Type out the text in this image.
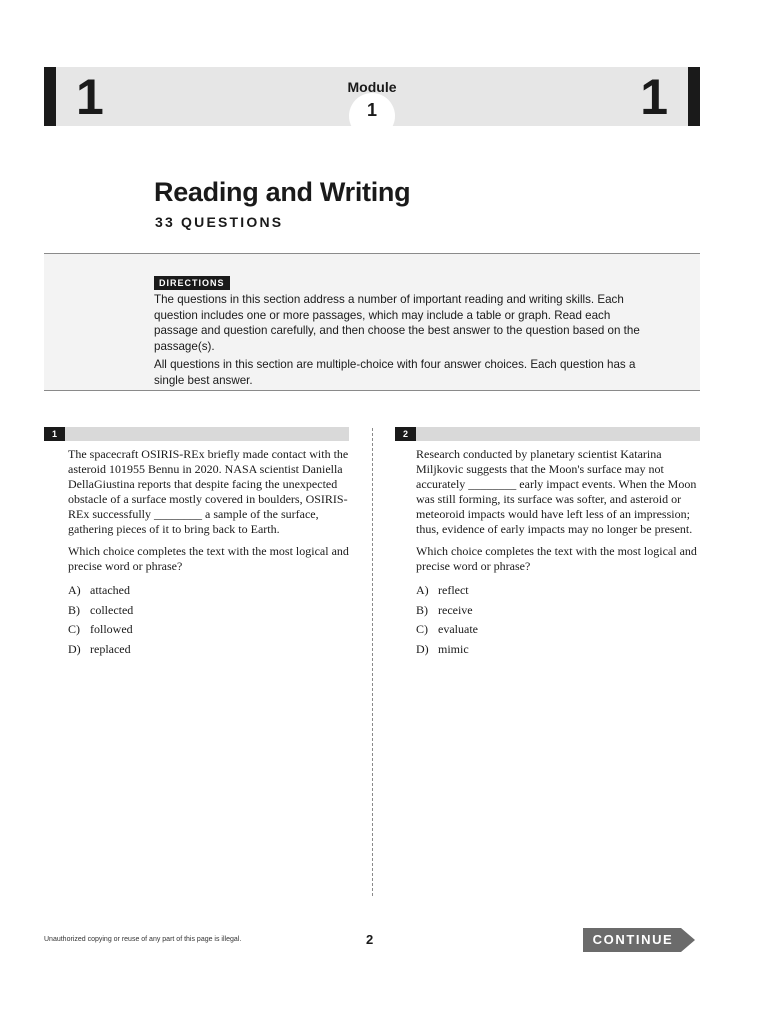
1	Module
1	1
Reading and Writing
33 QUESTIONS
DIRECTIONS

The questions in this section address a number of important reading and writing skills. Each question includes one or more passages, which may include a table or graph. Read each passage and question carefully, and then choose the best answer to the question based on the passage(s).

All questions in this section are multiple-choice with four answer choices. Each question has a single best answer.

1

The spacecraft OSIRIS-REx briefly made contact with the asteroid 101955 Bennu in 2020. NASA scientist Daniella DellaGiustina reports that despite facing the unexpected obstacle of a surface mostly covered in boulders, OSIRIS-REx successfully ________ a sample of the surface, gathering pieces of it to bring back to Earth.

Which choice completes the text with the most logical and precise word or phrase?

A) attached
B) collected
C) followed
D) replaced
2

Research conducted by planetary scientist Katarina Miljkovic suggests that the Moon's surface may not accurately ________ early impact events. When the Moon was still forming, its surface was softer, and asteroid or meteoroid impacts would have left less of an impression; thus, evidence of early impacts may no longer be present.

Which choice completes the text with the most logical and precise word or phrase?

A) reflect
B) receive
C) evaluate
D) mimic
Unauthorized copying or reuse of any part of this page is illegal.	2	CONTINUE
